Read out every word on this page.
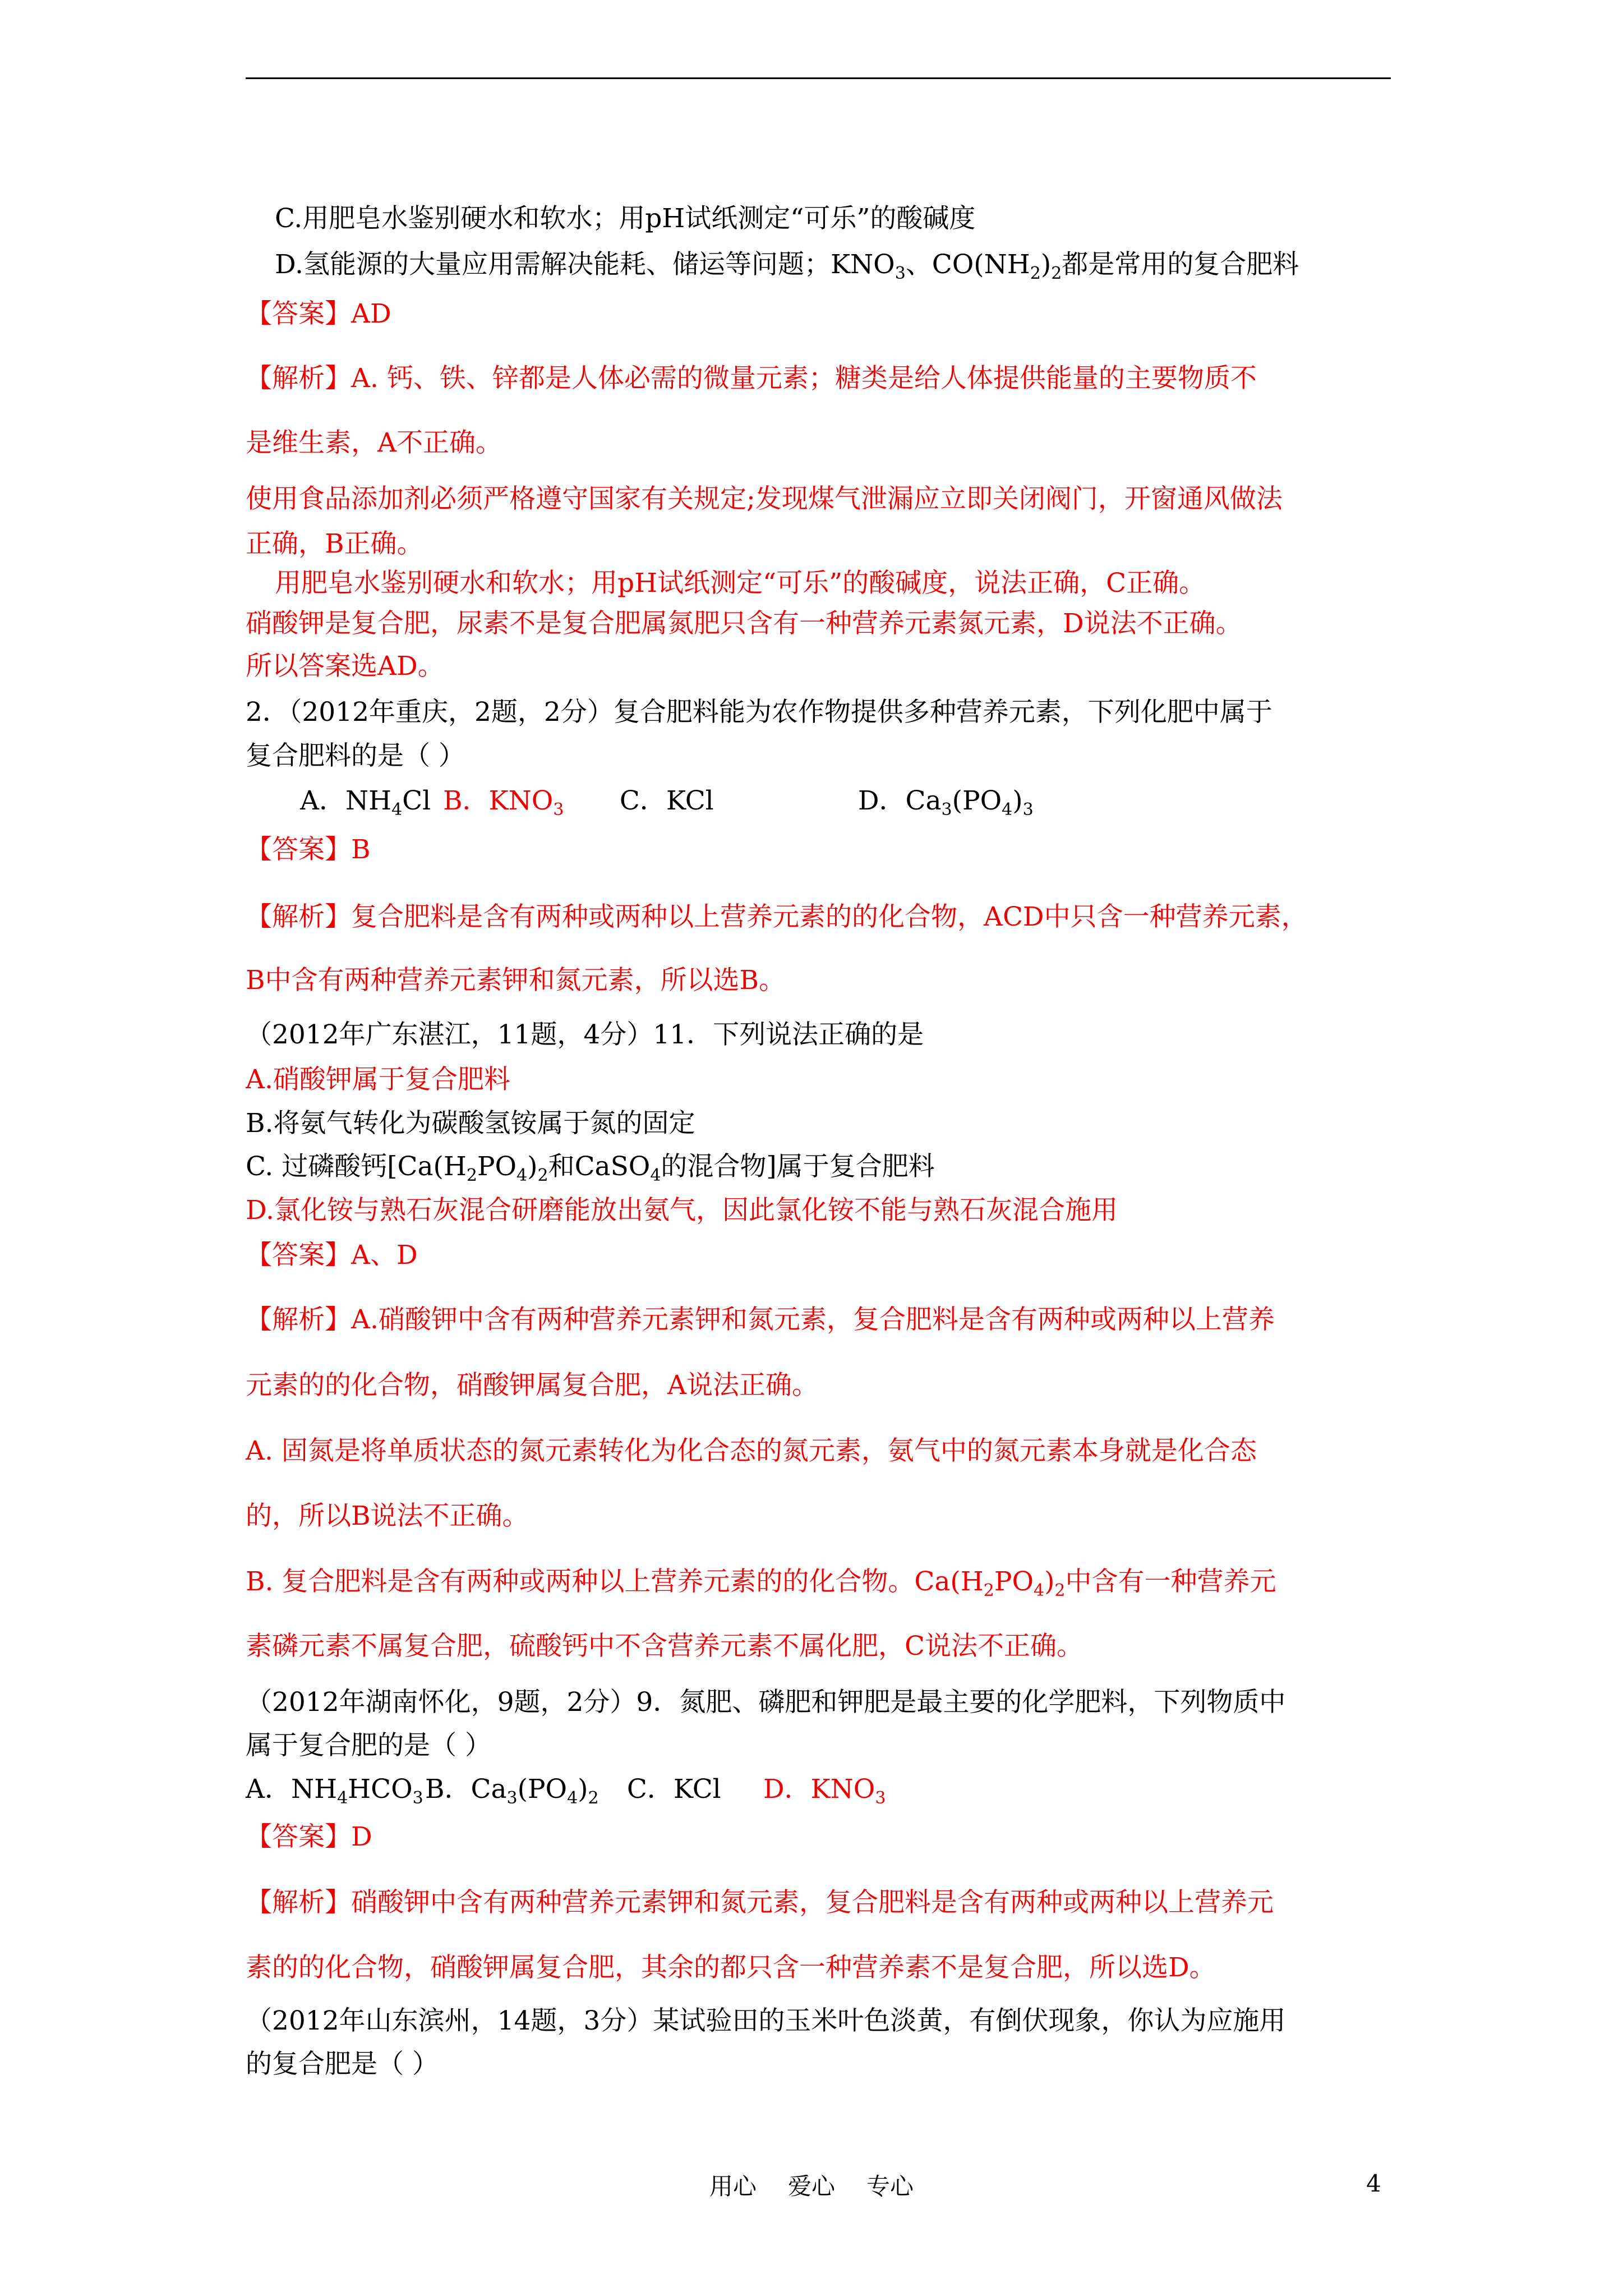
C.用肥皂水鉴别硬水和软水；用pH试纸测定“可乐”的酸碱度
D.氢能源的大量应用需解决能耗、储运等问题；$KNO_3$、$CO(NH_2)_2$都是常用的复合肥料
【答案】AD
【解析】A. 钙、铁、锌都是人体必需的微量元素；糖类是给人体提供能量的主要物质不
是维生素，A不正确。
使用食品添加剂必须严格遵守国家有关规定;发现煤气泄漏应立即关闭阀门，开窗通风做法
正确，B正确。
用肥皂水鉴别硬水和软水；用pH试纸测定“可乐”的酸碱度，说法正确，C正确。
硝酸钾是复合肥，尿素不是复合肥属氮肥只含有一种营养元素氮元素，D说法不正确。
所以答案选AD。
2．（2012年重庆，2题，2分）复合肥料能为农作物提供多种营养元素，下列化肥中属于
复合肥料的是（ ）
A．$NH_4Cl$ B．$KNO_3$ C．KCl	D．$Ca_3(PO_4)_3$
【答案】B
【解析】复合肥料是含有两种或两种以上营养元素的的化合物，ACD中只含一种营养元素，
B中含有两种营养元素钾和氮元素，所以选B。
（2012年广东湛江，11题，4分）11．下列说法正确的是
A.硝酸钾属于复合肥料
B.将氨气转化为碳酸氢铵属于氮的固定
C. 过磷酸钙[$Ca(H_2PO_4)_2$和CaSO$_4$的混合物]属于复合肥料
D.氯化铵与熟石灰混合研磨能放出氨气，因此氯化铵不能与熟石灰混合施用
【答案】A、D
【解析】A.硝酸钾中含有两种营养元素钾和氮元素，复合肥料是含有两种或两种以上营养
元素的的化合物，硝酸钾属复合肥，A说法正确。
A. 固氮是将单质状态的氮元素转化为化合态的氮元素，氨气中的氮元素本身就是化合态
的，所以B说法不正确。
B. 复合肥料是含有两种或两种以上营养元素的的化合物。$Ca(H_2PO_4)_2$中含有一种营养元
素磷元素不属复合肥，硫酸钙中不含营养元素不属化肥，C说法不正确。
（2012年湖南怀化，9题，2分）9．氮肥、磷肥和钾肥是最主要的化学肥料，下列物质中
属于复合肥的是（ ）
A．$NH_4HCO_3$ B．$Ca_3(PO_4)_2$ C．KCl D．$KNO_3$
【答案】D
【解析】硝酸钾中含有两种营养元素钾和氮元素，复合肥料是含有两种或两种以上营养元
素的的化合物，硝酸钾属复合肥，其余的都只含一种营养素不是复合肥，所以选D。
（2012年山东滨州，14题，3分）某试验田的玉米叶色淡黄，有倒伏现象，你认为应施用
的复合肥是（ ）
用心 爱心 专心	4
